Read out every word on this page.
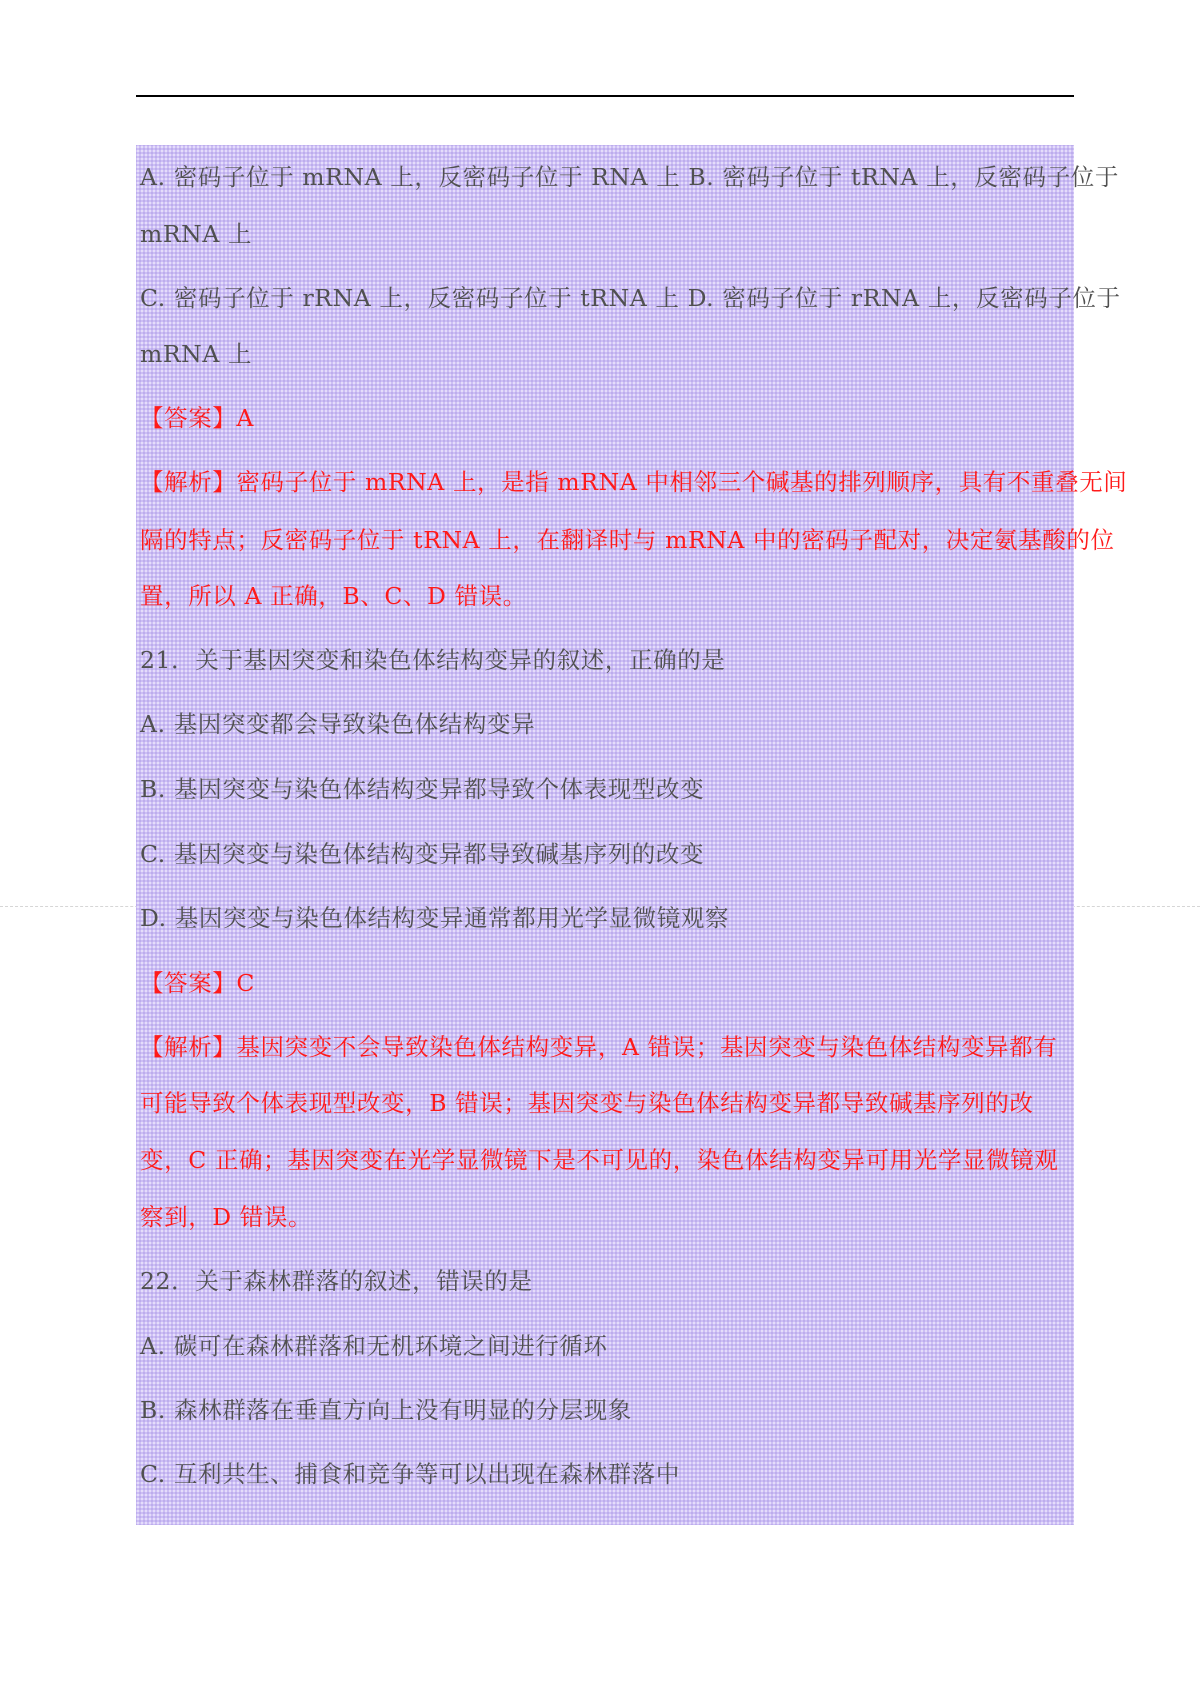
A. 密码子位于 mRNA 上，反密码子位于 RNA 上 B. 密码子位于 tRNA 上，反密码子位于
mRNA 上
C. 密码子位于 rRNA 上，反密码子位于 tRNA 上 D. 密码子位于 rRNA 上，反密码子位于
mRNA 上
【答案】A
【解析】密码子位于 mRNA 上，是指 mRNA 中相邻三个碱基的排列顺序，具有不重叠无间
隔的特点；反密码子位于 tRNA 上，在翻译时与 mRNA 中的密码子配对，决定氨基酸的位
置，所以 A 正确，B、C、D 错误。
21．关于基因突变和染色体结构变异的叙述，正确的是
A. 基因突变都会导致染色体结构变异
B. 基因突变与染色体结构变异都导致个体表现型改变
C. 基因突变与染色体结构变异都导致碱基序列的改变
D. 基因突变与染色体结构变异通常都用光学显微镜观察
【答案】C
【解析】基因突变不会导致染色体结构变异，A 错误；基因突变与染色体结构变异都有
可能导致个体表现型改变，B 错误；基因突变与染色体结构变异都导致碱基序列的改
变，C 正确；基因突变在光学显微镜下是不可见的，染色体结构变异可用光学显微镜观
察到，D 错误。
22．关于森林群落的叙述，错误的是
A. 碳可在森林群落和无机环境之间进行循环
B. 森林群落在垂直方向上没有明显的分层现象
C. 互利共生、捕食和竞争等可以出现在森林群落中
